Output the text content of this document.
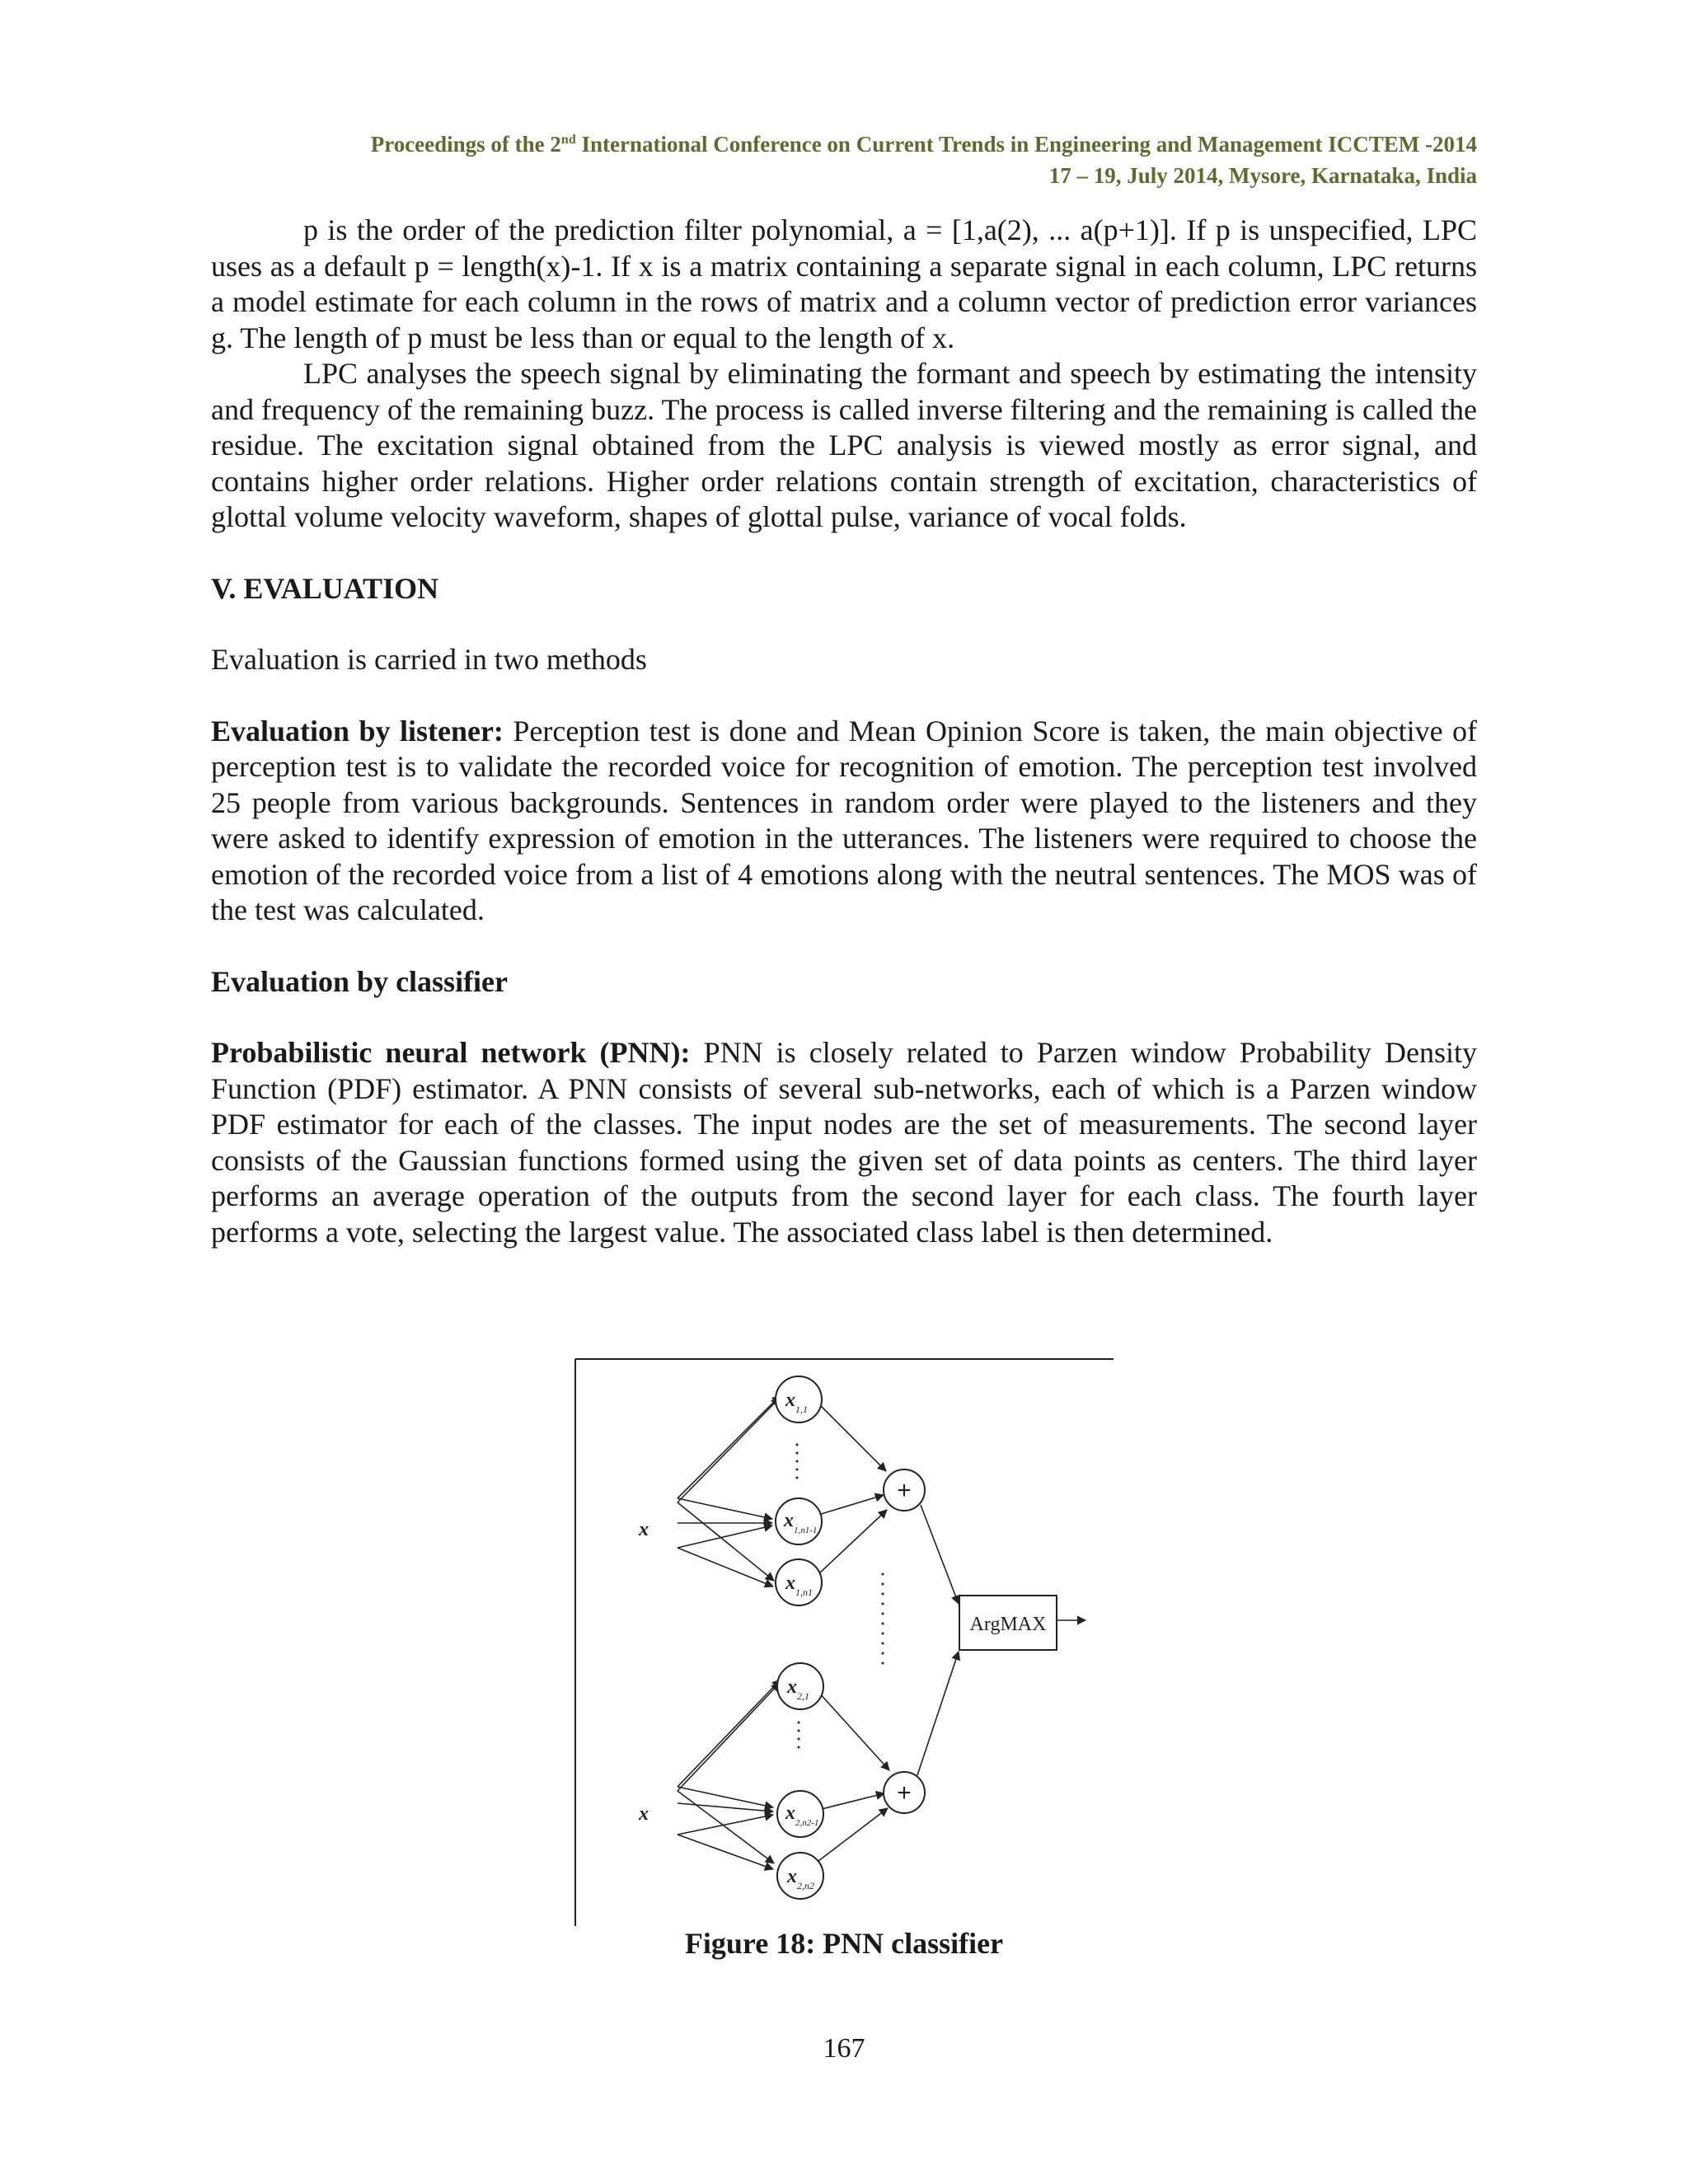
Proceedings of the 2nd International Conference on Current Trends in Engineering and Management ICCTEM -2014
17 – 19, July 2014, Mysore, Karnataka, India

p is the order of the prediction filter polynomial, a = [1,a(2), ... a(p+1)]. If p is unspecified, LPC uses as a default p = length(x)-1. If x is a matrix containing a separate signal in each column, LPC returns a model estimate for each column in the rows of matrix and a column vector of prediction error variances g. The length of p must be less than or equal to the length of x.

LPC analyses the speech signal by eliminating the formant and speech by estimating the intensity and frequency of the remaining buzz. The process is called inverse filtering and the remaining is called the residue. The excitation signal obtained from the LPC analysis is viewed mostly as error signal, and contains higher order relations. Higher order relations contain strength of excitation, characteristics of glottal volume velocity waveform, shapes of glottal pulse, variance of vocal folds.

V. EVALUATION

Evaluation is carried in two methods

Evaluation by listener: Perception test is done and Mean Opinion Score is taken, the main objective of perception test is to validate the recorded voice for recognition of emotion. The perception test involved 25 people from various backgrounds. Sentences in random order were played to the listeners and they were asked to identify expression of emotion in the utterances. The listeners were required to choose the emotion of the recorded voice from a list of 4 emotions along with the neutral sentences. The MOS was of the test was calculated.

Evaluation by classifier

Probabilistic neural network (PNN): PNN is closely related to Parzen window Probability Density Function (PDF) estimator. A PNN consists of several sub-networks, each of which is a Parzen window PDF estimator for each of the classes. The input nodes are the set of measurements. The second layer consists of the Gaussian functions formed using the given set of data points as centers. The third layer performs an average operation of the outputs from the second layer for each class. The fourth layer performs a vote, selecting the largest value. The associated class label is then determined.

x
x
x 1,1
x 1,n1-1
x 1,n1
x 2,1
x 2,n2-1
x 2,n2
+
+
ArgMAX
Figure 18: PNN classifier
167
